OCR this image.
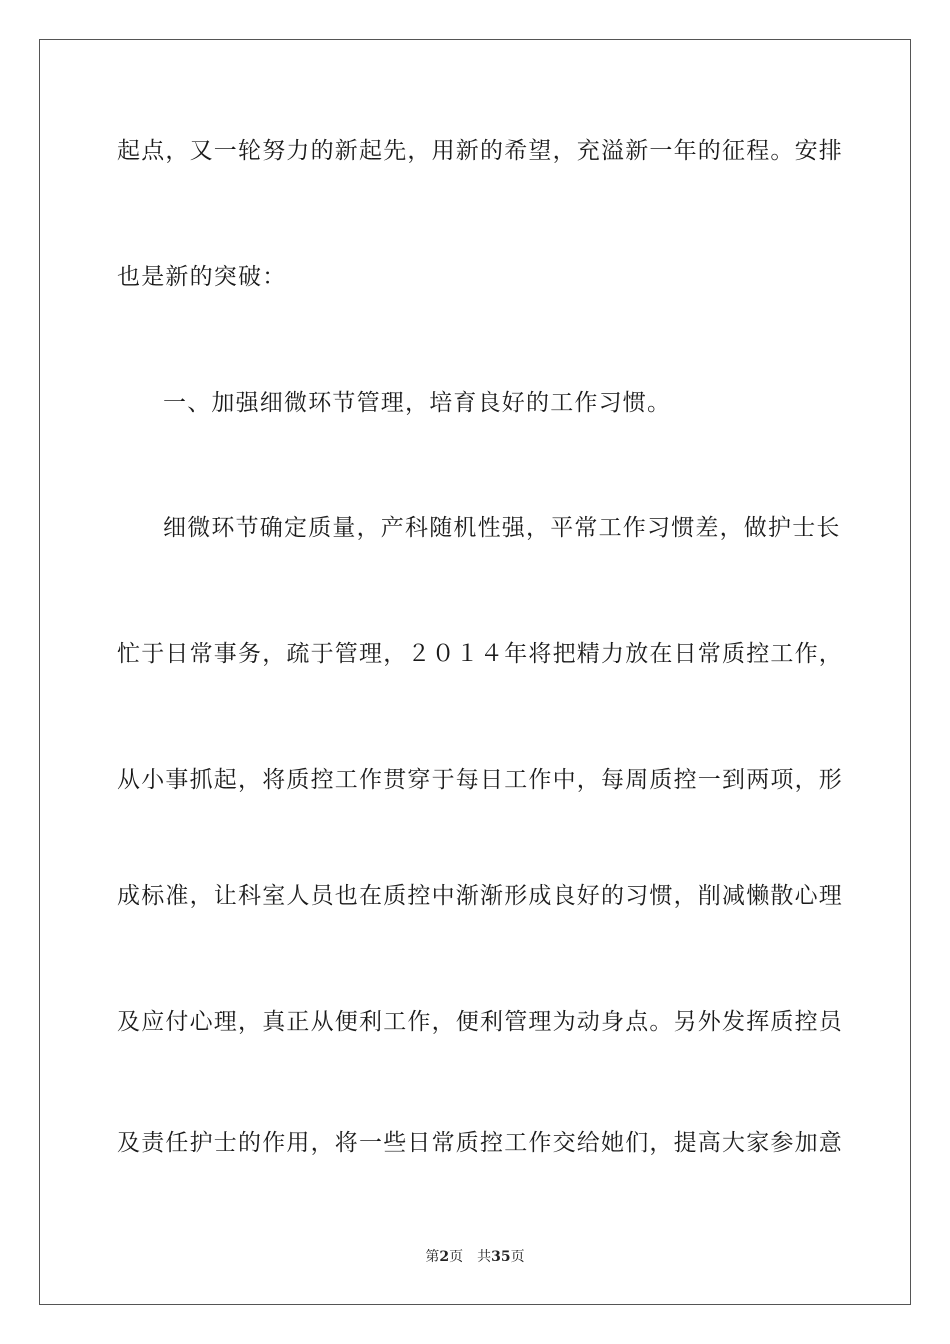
起点，又一轮努力的新起先，用新的希望，充溢新一年的征程。安排
也是新的突破：
一、加强细微环节管理，培育良好的工作习惯。
细微环节确定质量，产科随机性强，平常工作习惯差，做护士长
忙于日常事务，疏于管理，２０１４年将把精力放在日常质控工作，
从小事抓起，将质控工作贯穿于每日工作中，每周质控一到两项，形
成标准，让科室人员也在质控中渐渐形成良好的习惯，削减懒散心理
及应付心理，真正从便利工作，便利管理为动身点。另外发挥质控员
及责任护士的作用，将一些日常质控工作交给她们，提高大家参加意
第2页 共35页
